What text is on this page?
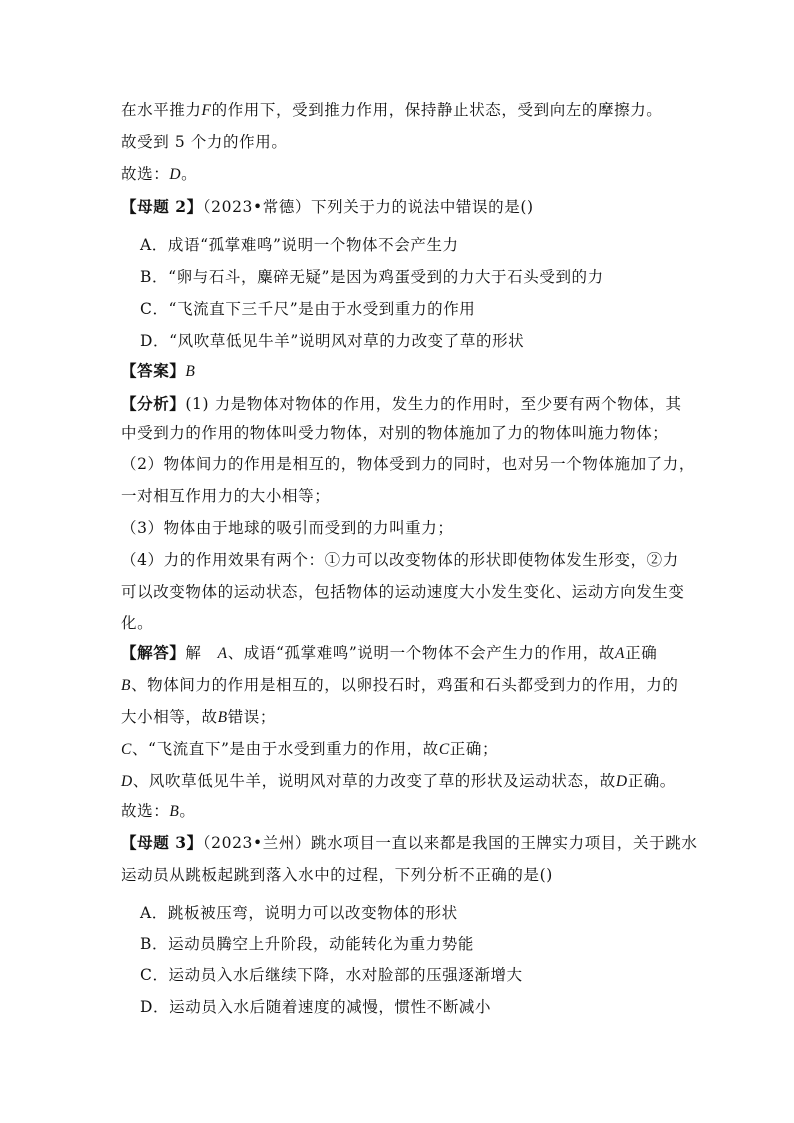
在水平推力F的作用下，受到推力作用，保持静止状态，受到向左的摩擦力。
故受到 5 个力的作用。
故选：D。
【母题 2】（2023•常德）下列关于力的说法中错误的是()
A．成语“孤掌难鸣”说明一个物体不会产生力
B．“卵与石斗，麋碎无疑”是因为鸡蛋受到的力大于石头受到的力
C．“飞流直下三千尺”是由于水受到重力的作用
D．“风吹草低见牛羊”说明风对草的力改变了草的形状
【答案】B
【分析】(1) 力是物体对物体的作用，发生力的作用时，至少要有两个物体，其
中受到力的作用的物体叫受力物体，对别的物体施加了力的物体叫施力物体；
（2）物体间力的作用是相互的，物体受到力的同时，也对另一个物体施加了力，
一对相互作用力的大小相等；
（3）物体由于地球的吸引而受到的力叫重力；
（4）力的作用效果有两个：①力可以改变物体的形状即使物体发生形变，②力
可以改变物体的运动状态，包括物体的运动速度大小发生变化、运动方向发生变
化。
【解答】解　A、成语“孤掌难鸣”说明一个物体不会产生力的作用，故A正确
B、物体间力的作用是相互的，以卵投石时，鸡蛋和石头都受到力的作用，力的
大小相等，故B错误；
C、“飞流直下”是由于水受到重力的作用，故C正确；
D、风吹草低见牛羊，说明风对草的力改变了草的形状及运动状态，故D正确。
故选：B。
【母题 3】（2023•兰州）跳水项目一直以来都是我国的王牌实力项目，关于跳水
运动员从跳板起跳到落入水中的过程，下列分析不正确的是()
A．跳板被压弯，说明力可以改变物体的形状
B．运动员腾空上升阶段，动能转化为重力势能
C．运动员入水后继续下降，水对脸部的压强逐渐增大
D．运动员入水后随着速度的减慢，惯性不断减小
